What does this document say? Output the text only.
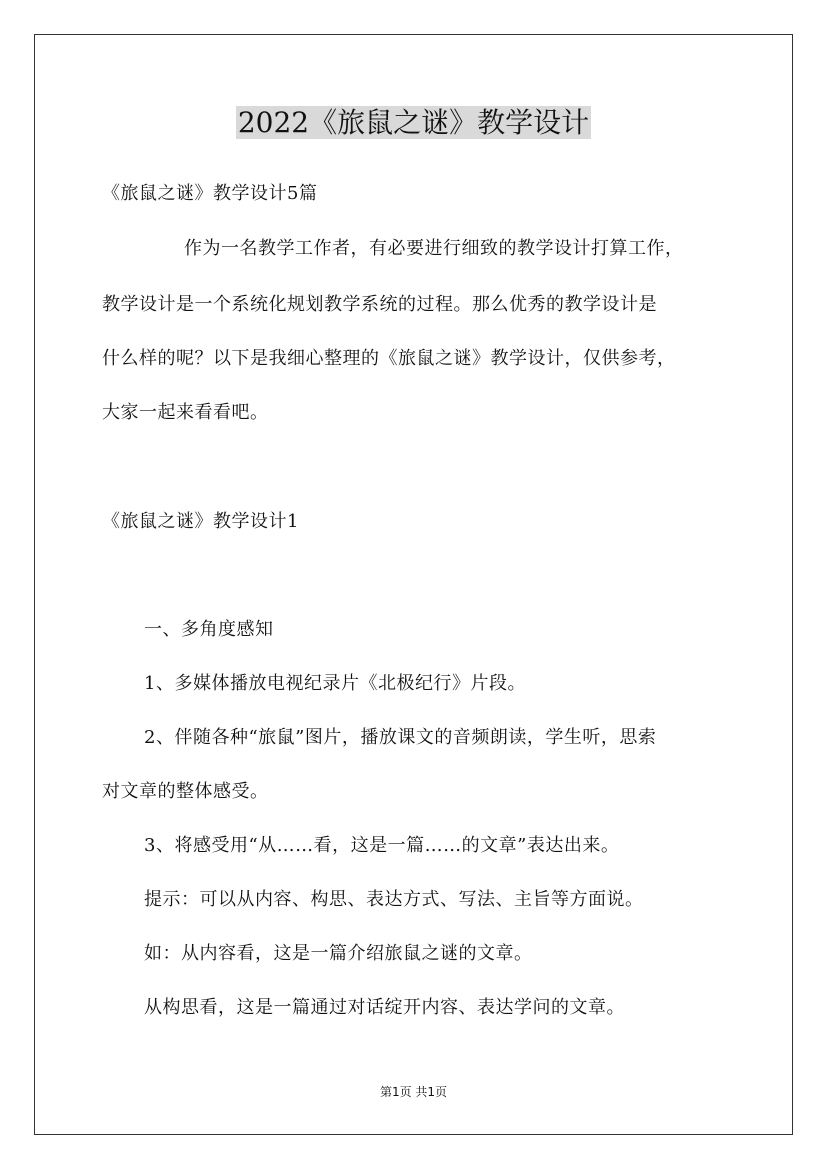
2022《旅鼠之谜》教学设计
《旅鼠之谜》教学设计5篇
作为一名教学工作者，有必要进行细致的教学设计打算工作，
教学设计是一个系统化规划教学系统的过程。那么优秀的教学设计是
什么样的呢？以下是我细心整理的《旅鼠之谜》教学设计，仅供参考，
大家一起来看看吧。
《旅鼠之谜》教学设计1
一、多角度感知
1、多媒体播放电视纪录片《北极纪行》片段。
2、伴随各种“旅鼠”图片，播放课文的音频朗读，学生听，思索
对文章的整体感受。
3、将感受用“从……看，这是一篇……的文章”表达出来。
提示：可以从内容、构思、表达方式、写法、主旨等方面说。
如：从内容看，这是一篇介绍旅鼠之谜的文章。
从构思看，这是一篇通过对话绽开内容、表达学问的文章。
第1页 共1页
